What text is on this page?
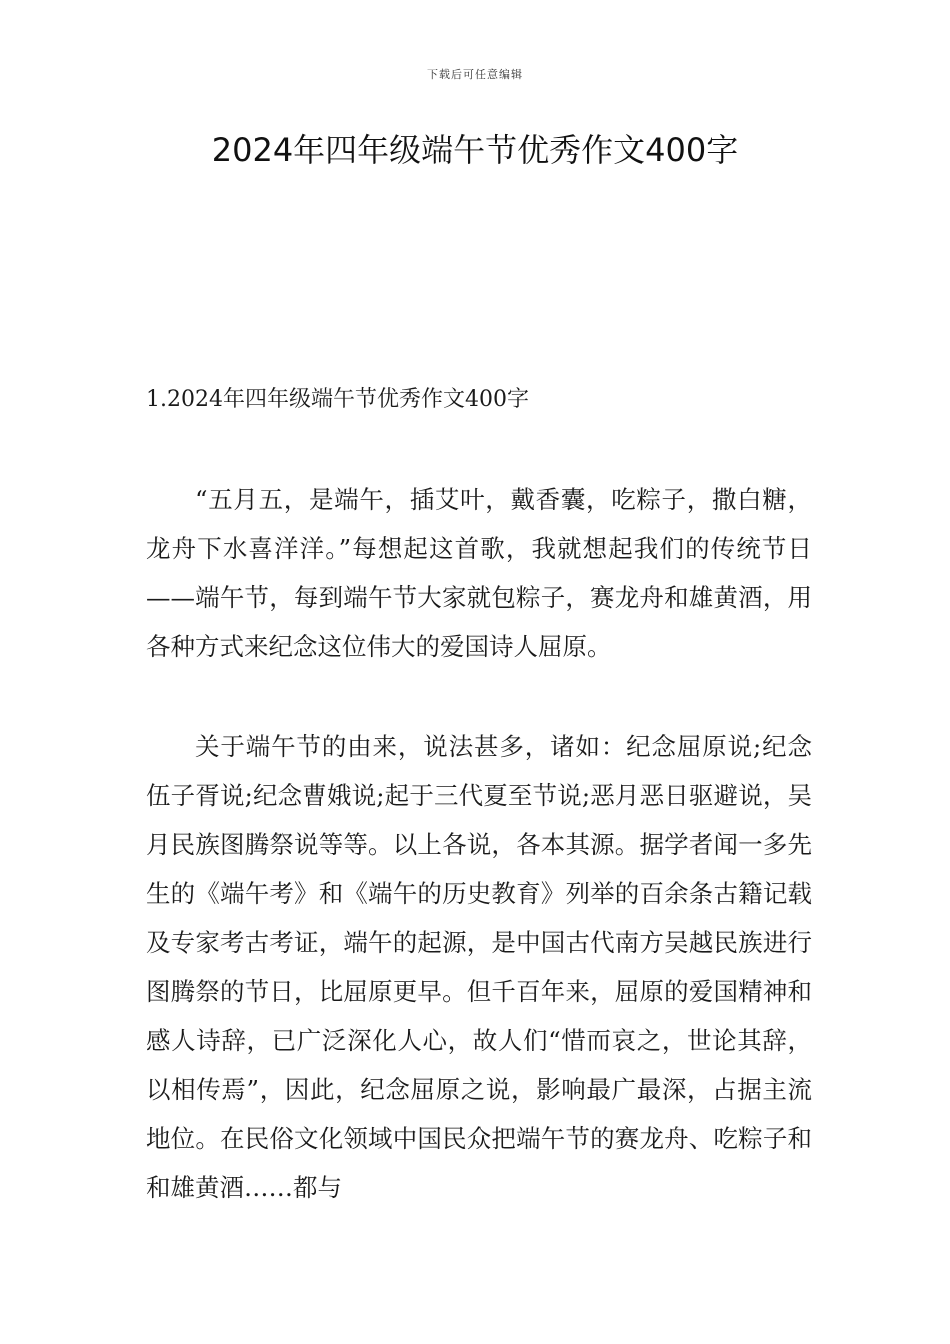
下载后可任意编辑
2024年四年级端午节优秀作文400字
1.2024年四年级端午节优秀作文400字

“五月五，是端午，插艾叶，戴香囊，吃粽子，撒白糖，龙舟下水喜洋洋。”每想起这首歌，我就想起我们的传统节日——端午节，每到端午节大家就包粽子，赛龙舟和雄黄酒，用各种方式来纪念这位伟大的爱国诗人屈原。

关于端午节的由来，说法甚多，诸如：纪念屈原说;纪念伍子胥说;纪念曹娥说;起于三代夏至节说;恶月恶日驱避说，吴月民族图腾祭说等等。以上各说，各本其源。据学者闻一多先生的《端午考》和《端午的历史教育》列举的百余条古籍记载及专家考古考证，端午的起源，是中国古代南方吴越民族进行图腾祭的节日，比屈原更早。但千百年来，屈原的爱国精神和感人诗辞，已广泛深化人心，故人们“惜而哀之，世论其辞，以相传焉”，因此，纪念屈原之说，影响最广最深，占据主流地位。在民俗文化领域中国民众把端午节的赛龙舟、吃粽子和和雄黄酒……都与
